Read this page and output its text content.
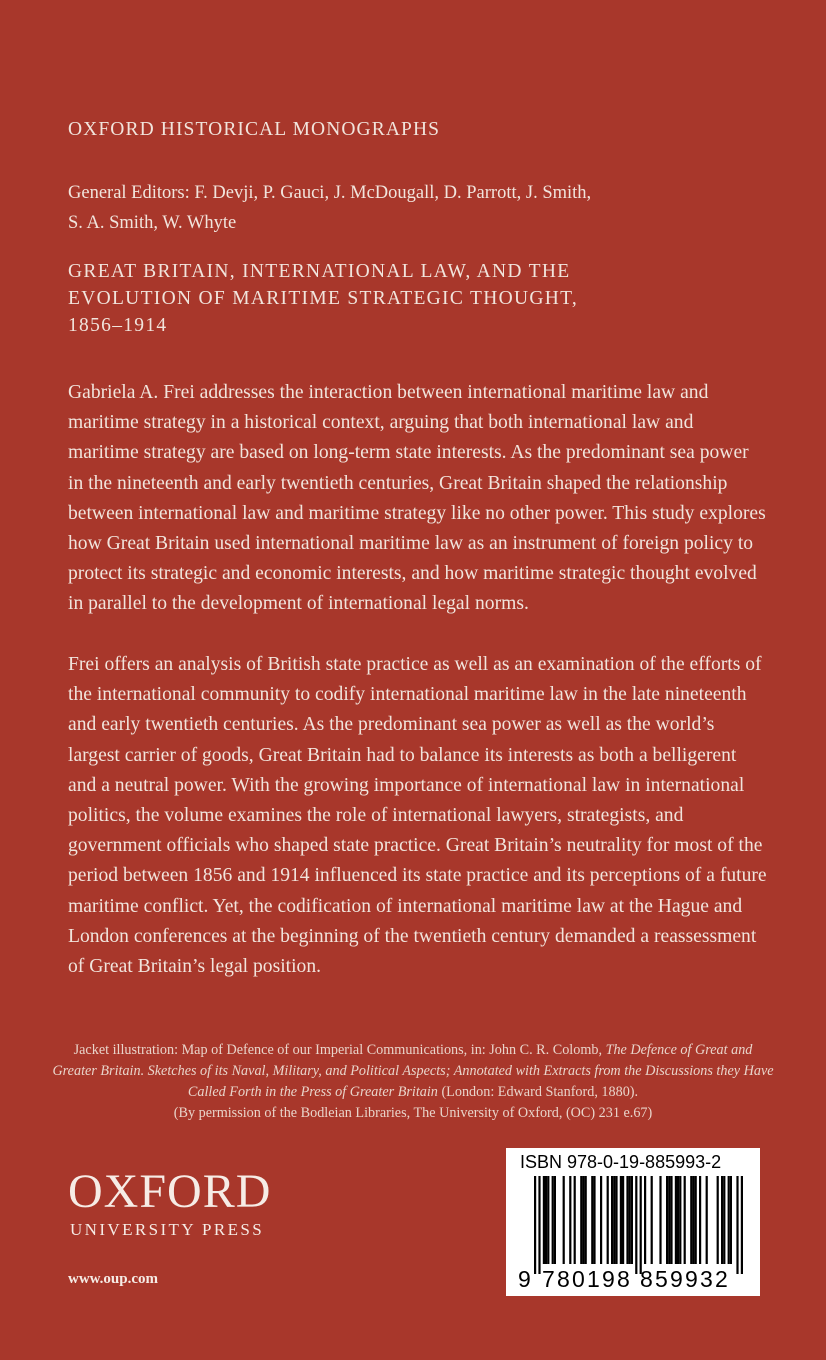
OXFORD HISTORICAL MONOGRAPHS
General Editors: F. Devji, P. Gauci, J. McDougall, D. Parrott, J. Smith,
S. A. Smith, W. Whyte
GREAT BRITAIN, INTERNATIONAL LAW, AND THE
EVOLUTION OF MARITIME STRATEGIC THOUGHT,
1856–1914

Gabriela A. Frei addresses the interaction between international maritime law and maritime strategy in a historical context, arguing that both international law and maritime strategy are based on long-term state interests. As the predominant sea power in the nineteenth and early twentieth centuries, Great Britain shaped the relationship between international law and maritime strategy like no other power. This study explores how Great Britain used international maritime law as an instrument of foreign policy to protect its strategic and economic interests, and how maritime strategic thought evolved in parallel to the development of international legal norms.

Frei offers an analysis of British state practice as well as an examination of the efforts of the international community to codify international maritime law in the late nineteenth and early twentieth centuries. As the predominant sea power as well as the world’s largest carrier of goods, Great Britain had to balance its interests as both a belligerent and a neutral power. With the growing importance of international law in international politics, the volume examines the role of international lawyers, strategists, and government officials who shaped state practice. Great Britain’s neutrality for most of the period between 1856 and 1914 influenced its state practice and its perceptions of a future maritime conflict. Yet, the codification of international maritime law at the Hague and London conferences at the beginning of the twentieth century demanded a reassessment of Great Britain’s legal position.

Jacket illustration: Map of Defence of our Imperial Communications, in: John C. R. Colomb, The Defence of Great and Greater Britain. Sketches of its Naval, Military, and Political Aspects; Annotated with Extracts from the Discussions they Have Called Forth in the Press of Greater Britain (London: Edward Stanford, 1880).
(By permission of the Bodleian Libraries, The University of Oxford, (OC) 231 e.67)
OXFORD
UNIVERSITY PRESS
www.oup.com
ISBN 978-0-19-885993-2
9 780198 859932
